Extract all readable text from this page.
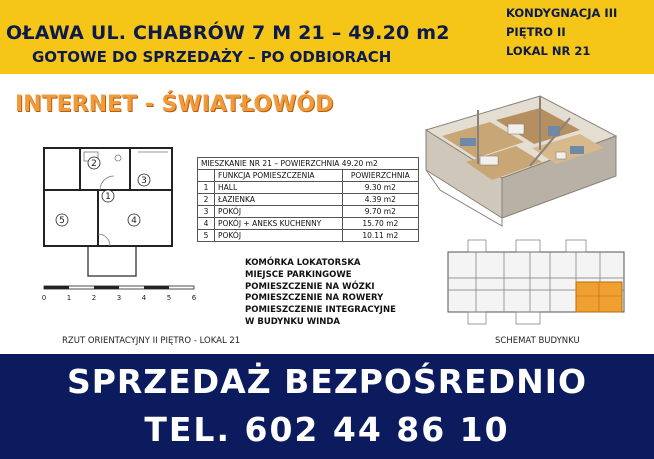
OŁAWA UL. CHABRÓW 7 M 21 – 49.20 m2
GOTOWE DO SPRZEDAŻY – PO ODBIORACH
KONDYGNACJA III
PIĘTRO II
LOKAL NR 21
INTERNET - ŚWIATŁOWÓD
1
2
3
4
5
0	1	2	3	4	5	6
RZUT ORIENTACYJNY II PIĘTRO - LOKAL 21
MIESZKANIE NR 21 – POWIERZCHNIA 49.20 m2		
	FUNKCJA POMIESZCZENIA	POWIERZCHNIA
1	HALL	9.30 m2
2	ŁAZIENKA	4.39 m2
3	POKÓJ	9.70 m2
4	POKÓJ + ANEKS KUCHENNY	15.70 m2
5	POKÓJ	10.11 m2
KOMÓRKA LOKATORSKA
MIEJSCE PARKINGOWE
POMIESZCZENIE NA WÓZKI
POMIESZCZENIE NA ROWERY
POMIESZCZENIE INTEGRACYJNE
W BUDYNKU WINDA
SCHEMAT BUDYNKU
SPRZEDAŻ BEZPOŚREDNIO
TEL. 602 44 86 10
